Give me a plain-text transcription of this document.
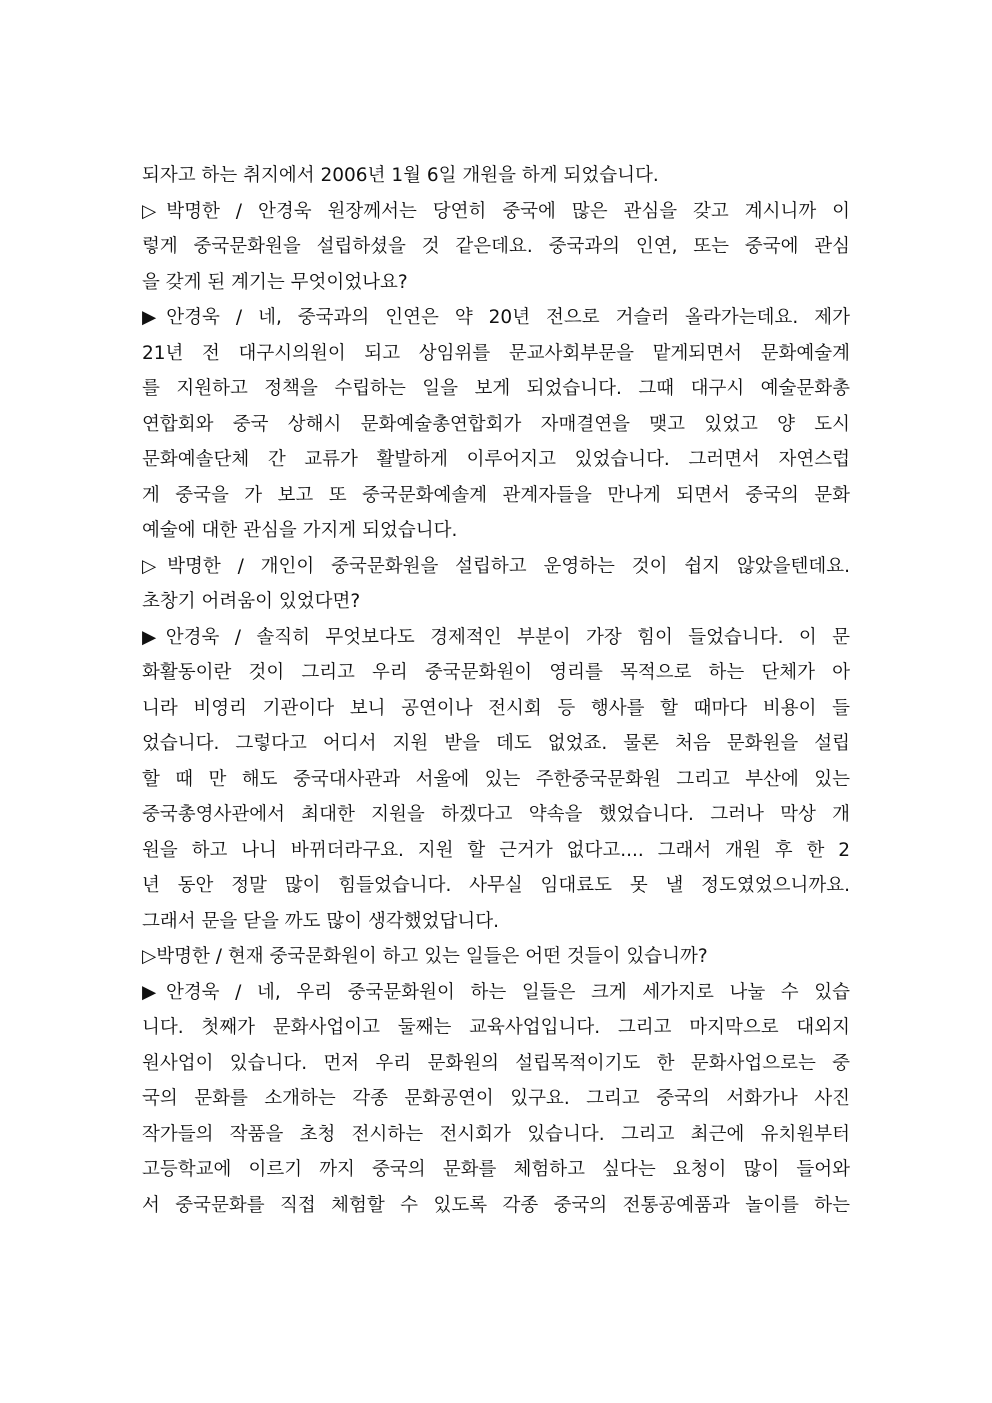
되자고 하는 취지에서 2006년 1월 6일 개원을 하게 되었습니다.
▷박명한 / 안경욱 원장께서는 당연히 중국에 많은 관심을 갖고 계시니까 이
렇게 중국문화원을 설립하셨을 것 같은데요. 중국과의 인연, 또는 중국에 관심
을 갖게 된 계기는 무엇이었나요?
▶안경욱 / 네, 중국과의 인연은 약 20년 전으로 거슬러 올라가는데요. 제가
21년 전 대구시의원이 되고 상임위를 문교사회부문을 맡게되면서 문화예술계
를 지원하고 정책을 수립하는 일을 보게 되었습니다. 그때 대구시 예술문화총
연합회와 중국 상해시 문화예술총연합회가 자매결연을 맺고 있었고 양 도시
문화예솔단체 간 교류가 활발하게 이루어지고 있었습니다. 그러면서 자연스럽
게 중국을 가 보고 또 중국문화예솔계 관계자들을 만나게 되면서 중국의 문화
예술에 대한 관심을 가지게 되었습니다.
▷박명한 / 개인이 중국문화원을 설립하고 운영하는 것이 쉽지 않았을텐데요.
초창기 어려움이 있었다면?
▶안경욱 / 솔직히 무엇보다도 경제적인 부분이 가장 힘이 들었습니다. 이 문
화활동이란 것이 그리고 우리 중국문화원이 영리를 목적으로 하는 단체가 아
니라 비영리 기관이다 보니 공연이나 전시회 등 행사를 할 때마다 비용이 들
었습니다. 그렇다고 어디서 지원 받을 데도 없었죠. 물론 처음 문화원을 설립
할 때 만 해도 중국대사관과 서울에 있는 주한중국문화원 그리고 부산에 있는
중국총영사관에서 최대한 지원을 하겠다고 약속을 했었습니다. 그러나 막상 개
원을 하고 나니 바뀌더라구요. 지원 할 근거가 없다고.... 그래서 개원 후 한 2
년 동안 정말 많이 힘들었습니다. 사무실 임대료도 못 낼 정도였었으니까요.
그래서 문을 닫을 까도 많이 생각했었답니다.
▷박명한 / 현재 중국문화원이 하고 있는 일들은 어떤 것들이 있습니까?
▶안경욱 / 네, 우리 중국문화원이 하는 일들은 크게 세가지로 나눌 수 있습
니다. 첫째가 문화사업이고 둘째는 교육사업입니다. 그리고 마지막으로 대외지
원사업이 있습니다. 먼저 우리 문화원의 설립목적이기도 한 문화사업으로는 중
국의 문화를 소개하는 각종 문화공연이 있구요. 그리고 중국의 서화가나 사진
작가들의 작품을 초청 전시하는 전시회가 있습니다. 그리고 최근에 유치원부터
고등학교에 이르기 까지 중국의 문화를 체험하고 싶다는 요청이 많이 들어와
서 중국문화를 직접 체험할 수 있도록 각종 중국의 전통공예품과 놀이를 하는
